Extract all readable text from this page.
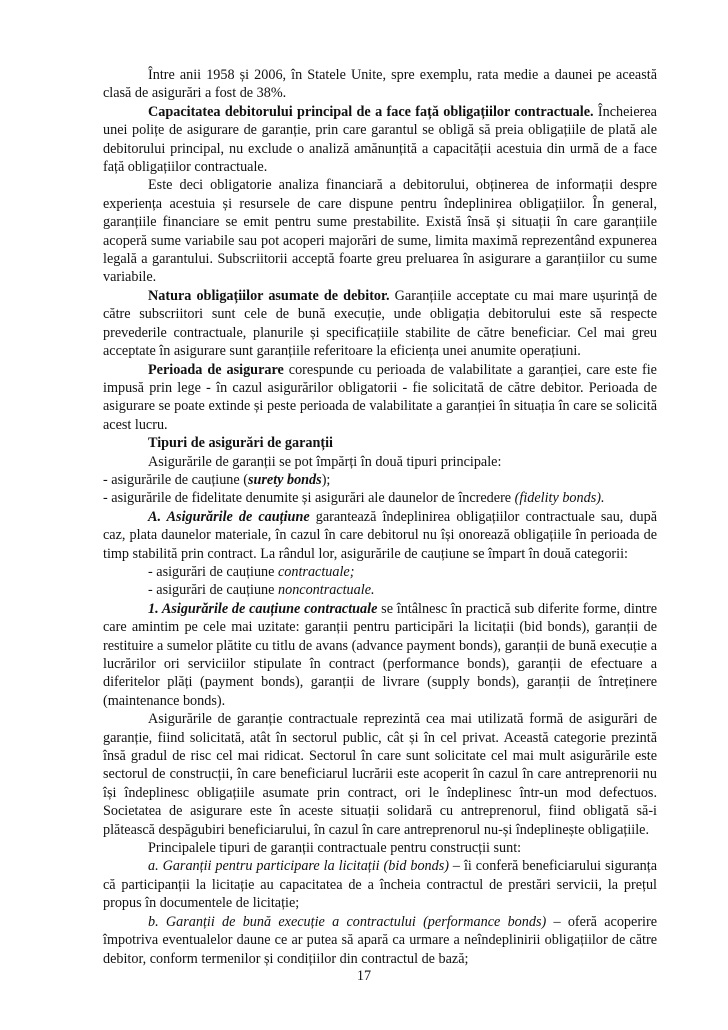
Între anii 1958 și 2006, în Statele Unite, spre exemplu, rata medie a daunei pe această clasă de asigurări a fost de 38%.

Capacitatea debitorului principal de a face față obligațiilor contractuale. Încheierea unei polițe de asigurare de garanție, prin care garantul se obligă să preia obligațiile de plată ale debitorului principal, nu exclude o analiză amănunțită a capacității acestuia din urmă de a face față obligațiilor contractuale.

Este deci obligatorie analiza financiară a debitorului, obținerea de informații despre experiența acestuia și resursele de care dispune pentru îndeplinirea obligațiilor. În general, garanțiile financiare se emit pentru sume prestabilite. Există însă și situații în care garanțiile acoperă sume variabile sau pot acoperi majorări de sume, limita maximă reprezentând expunerea legală a garantului. Subscriitorii acceptă foarte greu preluarea în asigurare a garanțiilor cu sume variabile.

Natura obligațiilor asumate de debitor. Garanțiile acceptate cu mai mare ușurință de către subscriitori sunt cele de bună execuție, unde obligația debitorului este să respecte prevederile contractuale, planurile și specificațiile stabilite de către beneficiar. Cel mai greu acceptate în asigurare sunt garanțiile referitoare la eficiența unei anumite operațiuni.

Perioada de asigurare corespunde cu perioada de valabilitate a garanției, care este fie impusă prin lege - în cazul asigurărilor obligatorii - fie solicitată de către debitor. Perioada de asigurare se poate extinde și peste perioada de valabilitate a garanției în situația în care se solicită acest lucru.

Tipuri de asigurări de garanții

Asigurările de garanții se pot împărți în două tipuri principale:

- asigurările de cauțiune (surety bonds);

- asigurările de fidelitate denumite și asigurări ale daunelor de încredere (fidelity bonds).

A. Asigurările de cauțiune garantează îndeplinirea obligațiilor contractuale sau, după caz, plata daunelor materiale, în cazul în care debitorul nu își onorează obligațiile în perioada de timp stabilită prin contract. La rândul lor, asigurările de cauțiune se împart în două categorii:

- asigurări de cauțiune contractuale;

- asigurări de cauțiune noncontractuale.

1. Asigurările de cauțiune contractuale se întâlnesc în practică sub diferite forme, dintre care amintim pe cele mai uzitate: garanții pentru participări la licitații (bid bonds), garanții de restituire a sumelor plătite cu titlu de avans (advance payment bonds), garanții de bună execuție a lucrărilor ori serviciilor stipulate în contract (performance bonds), garanții de efectuare a diferitelor plăți (payment bonds), garanții de livrare (supply bonds), garanții de întreținere (maintenance bonds).

Asigurările de garanție contractuale reprezintă cea mai utilizată formă de asigurări de garanție, fiind solicitată, atât în sectorul public, cât și în cel privat. Această categorie prezintă însă gradul de risc cel mai ridicat. Sectorul în care sunt solicitate cel mai mult asigurările este sectorul de construcții, în care beneficiarul lucrării este acoperit în cazul în care antreprenorii nu își îndeplinesc obligațiile asumate prin contract, ori le îndeplinesc într-un mod defectuos. Societatea de asigurare este în aceste situații solidară cu antreprenorul, fiind obligată să-i plătească despăgubiri beneficiarului, în cazul în care antreprenorul nu-și îndeplinește obligațiile.

Principalele tipuri de garanții contractuale pentru construcții sunt:

a. Garanții pentru participare la licitații (bid bonds) – îi conferă beneficiarului siguranța că participanții la licitație au capacitatea de a încheia contractul de prestări servicii, la prețul propus în documentele de licitație;

b. Garanții de bună execuție a contractului (performance bonds) – oferă acoperire împotriva eventualelor daune ce ar putea să apară ca urmare a neîndeplinirii obligațiilor de către debitor, conform termenilor și condițiilor din contractul de bază;

17
